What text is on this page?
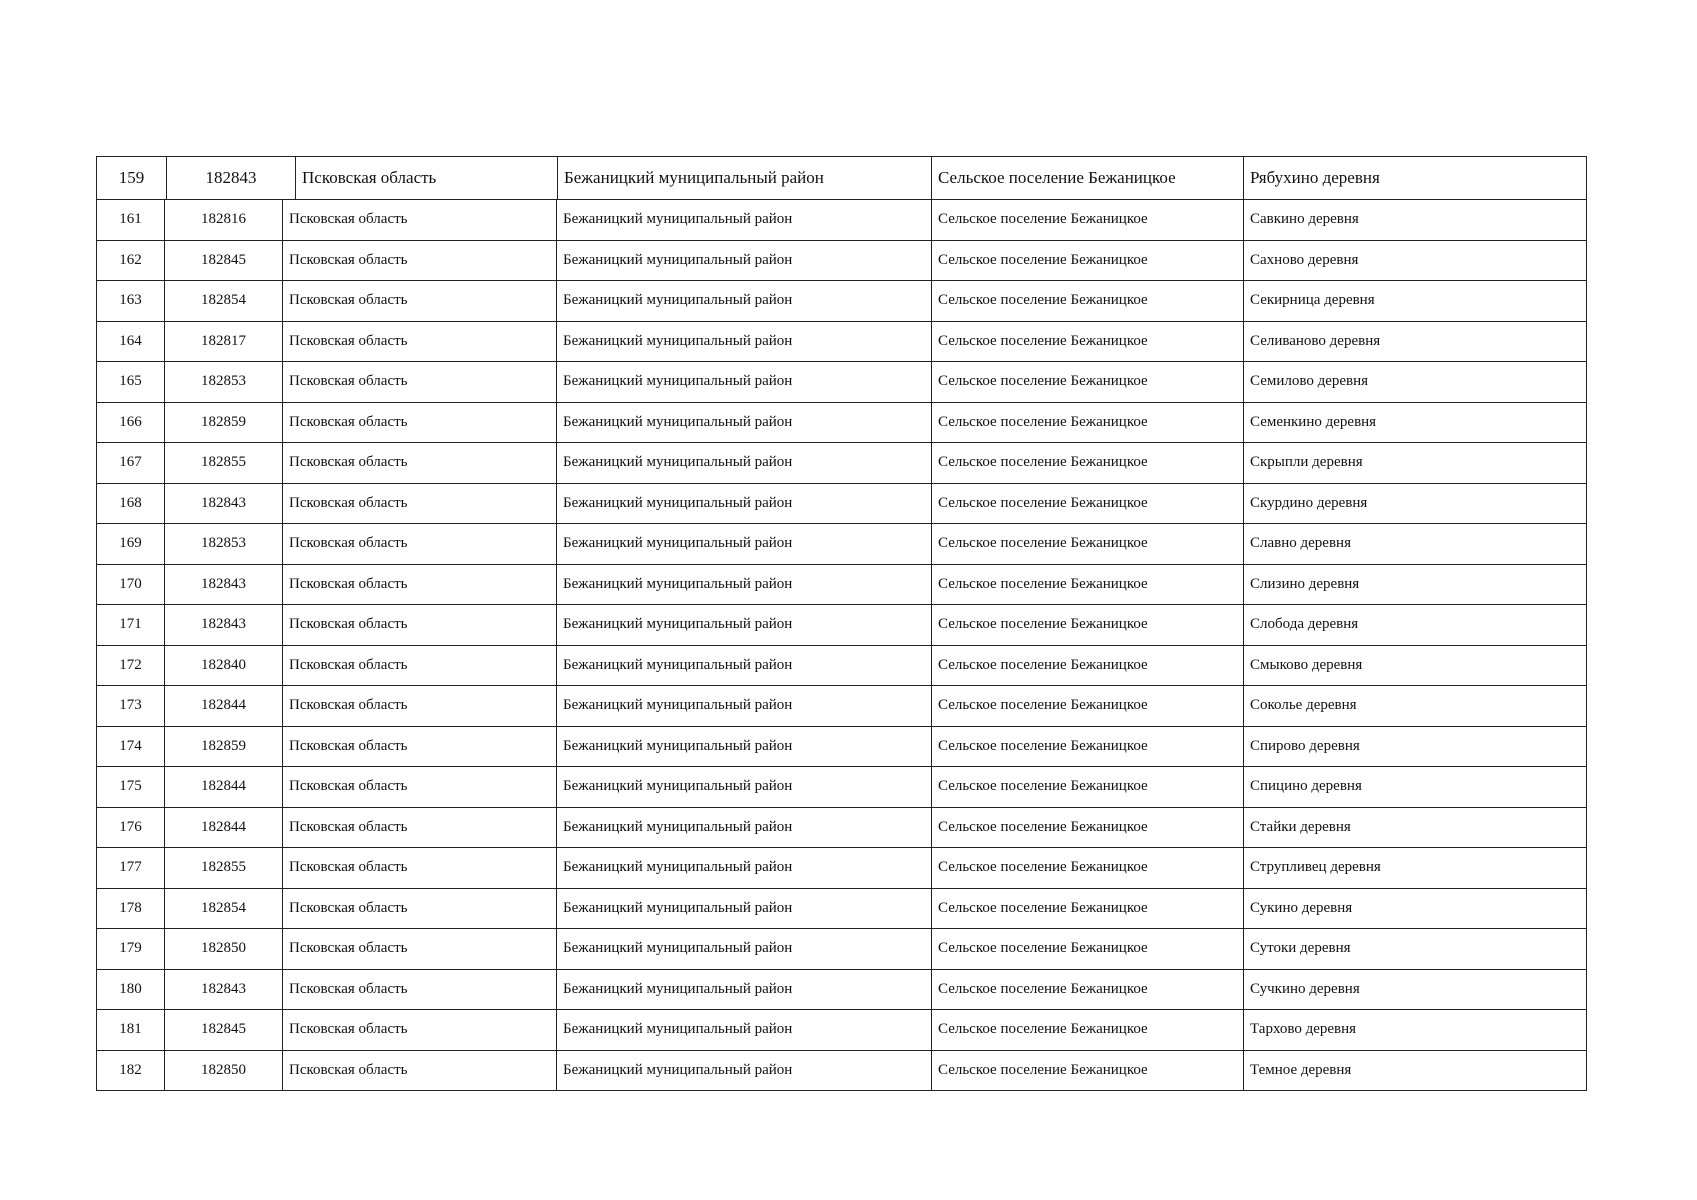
159	182843	Псковская область	Бежаницкий муниципальный район	Сельское поселение Бежаницкое	Рябухино деревня
161	182816	Псковская область	Бежаницкий муниципальный район	Сельское поселение Бежаницкое	Савкино деревня
162	182845	Псковская область	Бежаницкий муниципальный район	Сельское поселение Бежаницкое	Сахново деревня
163	182854	Псковская область	Бежаницкий муниципальный район	Сельское поселение Бежаницкое	Секирница деревня
164	182817	Псковская область	Бежаницкий муниципальный район	Сельское поселение Бежаницкое	Селиваново деревня
165	182853	Псковская область	Бежаницкий муниципальный район	Сельское поселение Бежаницкое	Семилово деревня
166	182859	Псковская область	Бежаницкий муниципальный район	Сельское поселение Бежаницкое	Семенкино деревня
167	182855	Псковская область	Бежаницкий муниципальный район	Сельское поселение Бежаницкое	Скрыпли деревня
168	182843	Псковская область	Бежаницкий муниципальный район	Сельское поселение Бежаницкое	Скурдино деревня
169	182853	Псковская область	Бежаницкий муниципальный район	Сельское поселение Бежаницкое	Славно деревня
170	182843	Псковская область	Бежаницкий муниципальный район	Сельское поселение Бежаницкое	Слизино деревня
171	182843	Псковская область	Бежаницкий муниципальный район	Сельское поселение Бежаницкое	Слобода деревня
172	182840	Псковская область	Бежаницкий муниципальный район	Сельское поселение Бежаницкое	Смыково деревня
173	182844	Псковская область	Бежаницкий муниципальный район	Сельское поселение Бежаницкое	Соколье деревня
174	182859	Псковская область	Бежаницкий муниципальный район	Сельское поселение Бежаницкое	Спирово деревня
175	182844	Псковская область	Бежаницкий муниципальный район	Сельское поселение Бежаницкое	Спицино деревня
176	182844	Псковская область	Бежаницкий муниципальный район	Сельское поселение Бежаницкое	Стайки деревня
177	182855	Псковская область	Бежаницкий муниципальный район	Сельское поселение Бежаницкое	Струпливец деревня
178	182854	Псковская область	Бежаницкий муниципальный район	Сельское поселение Бежаницкое	Сукино деревня
179	182850	Псковская область	Бежаницкий муниципальный район	Сельское поселение Бежаницкое	Сутоки деревня
180	182843	Псковская область	Бежаницкий муниципальный район	Сельское поселение Бежаницкое	Сучкино деревня
181	182845	Псковская область	Бежаницкий муниципальный район	Сельское поселение Бежаницкое	Тархово деревня
182	182850	Псковская область	Бежаницкий муниципальный район	Сельское поселение Бежаницкое	Темное деревня
